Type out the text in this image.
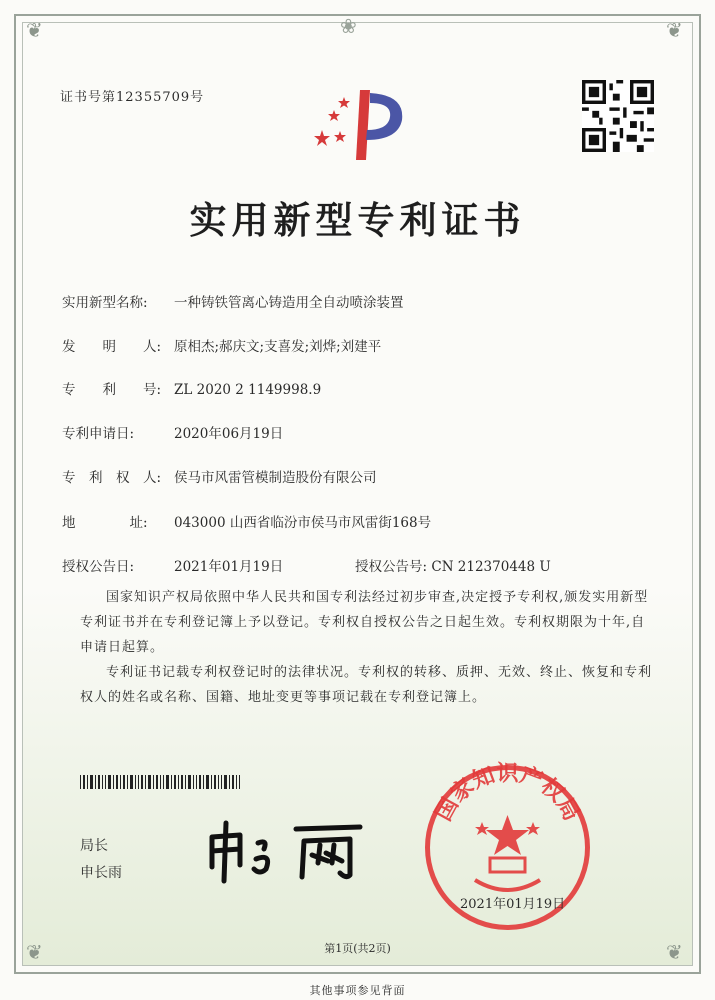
❦	❦
❦	❦
❀
证书号第12355709号
实用新型专利证书
实用新型名称: 一种铸铁管离心铸造用全自动喷涂装置
发　　明　　人: 原相杰;郝庆文;支喜发;刘烨;刘建平
专　　利　　号: ZL 2020 2 1149998.9
专利申请日:	2020年06月19日
专　利　权　人: 侯马市风雷管模制造股份有限公司
地　　　　址: 043000 山西省临汾市侯马市风雷街168号
授权公告日:	2021年01月19日	授权公告号: CN 212370448 U
国家知识产权局依照中华人民共和国专利法经过初步审查,决定授予专利权,颁发实用新型专利证书并在专利登记簿上予以登记。专利权自授权公告之日起生效。专利权期限为十年,自申请日起算。
专利证书记载专利权登记时的法律状况。专利权的转移、质押、无效、终止、恢复和专利权人的姓名或名称、国籍、地址变更等事项记载在专利登记簿上。
局长
申长雨
国家知识产权局
2021年01月19日
第1页(共2页)
其他事项参见背面
